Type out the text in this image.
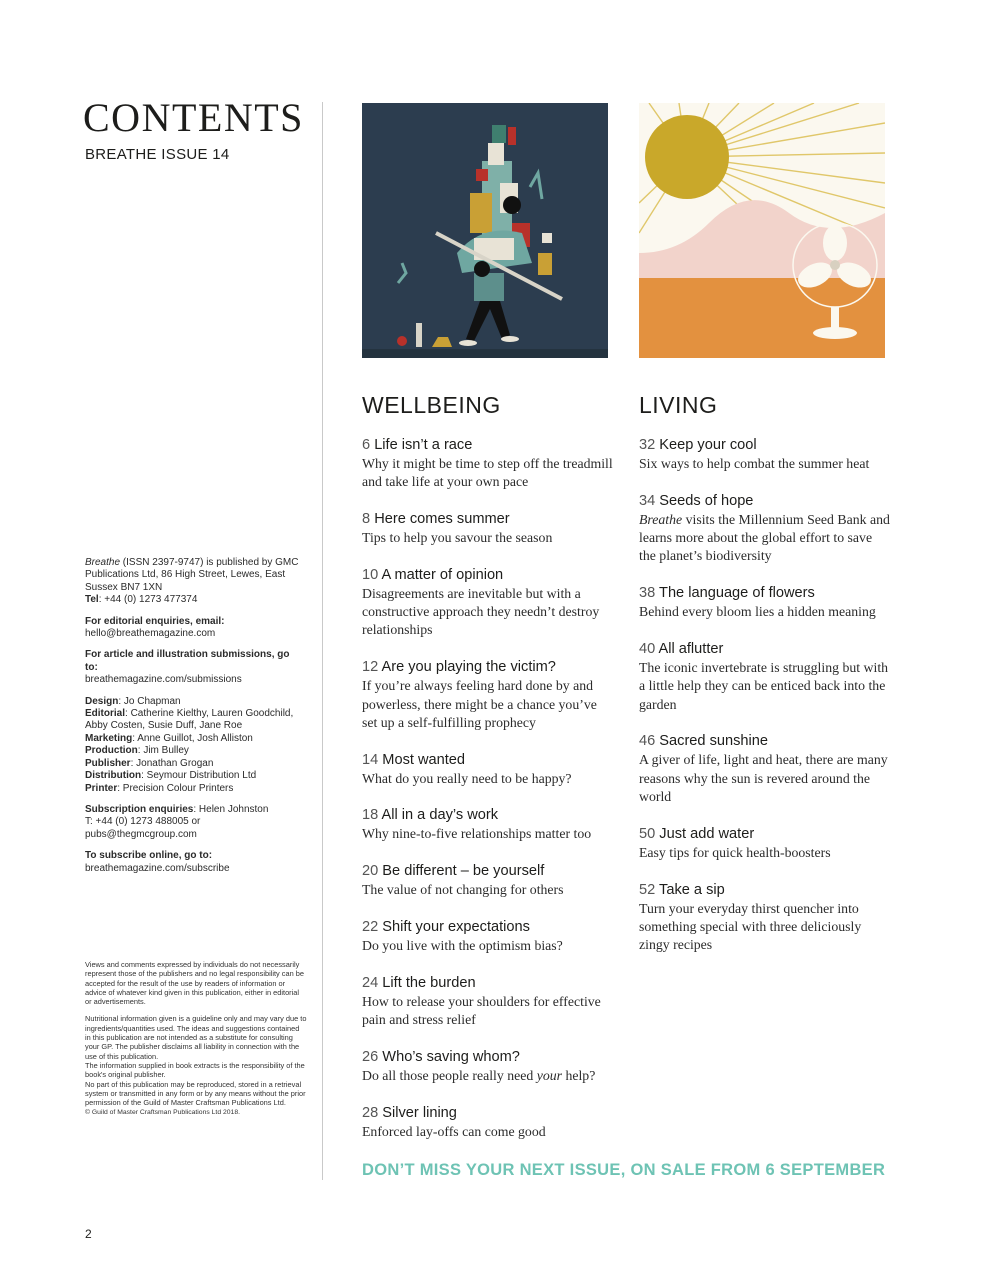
CONTENTS
BREATHE ISSUE 14

Breathe (ISSN 2397-9747) is published by GMC Publications Ltd, 86 High Street, Lewes, East Sussex BN7 1XN
Tel: +44 (0) 1273 477374

For editorial enquiries, email:
hello@breathemagazine.com

For article and illustration submissions, go to:
breathemagazine.com/submissions

Design: Jo Chapman
Editorial: Catherine Kielthy, Lauren Goodchild, Abby Costen, Susie Duff, Jane Roe
Marketing: Anne Guillot, Josh Alliston
Production: Jim Bulley
Publisher: Jonathan Grogan
Distribution: Seymour Distribution Ltd
Printer: Precision Colour Printers

Subscription enquiries: Helen Johnston
T: +44 (0) 1273 488005 or
pubs@thegmcgroup.com

To subscribe online, go to:
breathemagazine.com/subscribe

Views and comments expressed by individuals do not necessarily represent those of the publishers and no legal responsibility can be accepted for the result of the use by readers of information or advice of whatever kind given in this publication, either in editorial or advertisements.

Nutritional information given is a guideline only and may vary due to ingredients/quantities used. The ideas and suggestions contained in this publication are not intended as a substitute for consulting your GP. The publisher disclaims all liability in connection with the use of this publication.
The information supplied in book extracts is the responsibility of the book's original publisher.
No part of this publication may be reproduced, stored in a retrieval system or transmitted in any form or by any means without the prior permission of the Guild of Master Craftsman Publications Ltd.
© Guild of Master Craftsman Publications Ltd 2018.

2
WELLBEING
6 Life isn’t a race
Why it might be time to step off the treadmill and take life at your own pace
8 Here comes summer
Tips to help you savour the season
10 A matter of opinion
Disagreements are inevitable but with a constructive approach they needn’t destroy relationships
12 Are you playing the victim?
If you’re always feeling hard done by and powerless, there might be a chance you’ve set up a self-fulfilling prophecy
14 Most wanted
What do you really need to be happy?
18 All in a day’s work
Why nine-to-five relationships matter too
20 Be different – be yourself
The value of not changing for others
22 Shift your expectations
Do you live with the optimism bias?
24 Lift the burden
How to release your shoulders for effective pain and stress relief
26 Who’s saving whom?
Do all those people really need your help?
28 Silver lining
Enforced lay-offs can come good
LIVING
32 Keep your cool
Six ways to help combat the summer heat
34 Seeds of hope
Breathe visits the Millennium Seed Bank and learns more about the global effort to save the planet’s biodiversity
38 The language of flowers
Behind every bloom lies a hidden meaning
40 All aflutter
The iconic invertebrate is struggling but with a little help they can be enticed back into the garden
46 Sacred sunshine
A giver of life, light and heat, there are many reasons why the sun is revered around the world
50 Just add water
Easy tips for quick health-boosters
52 Take a sip
Turn your everyday thirst quencher into something special with three deliciously zingy recipes
DON’T MISS YOUR NEXT ISSUE, ON SALE FROM 6 SEPTEMBER
